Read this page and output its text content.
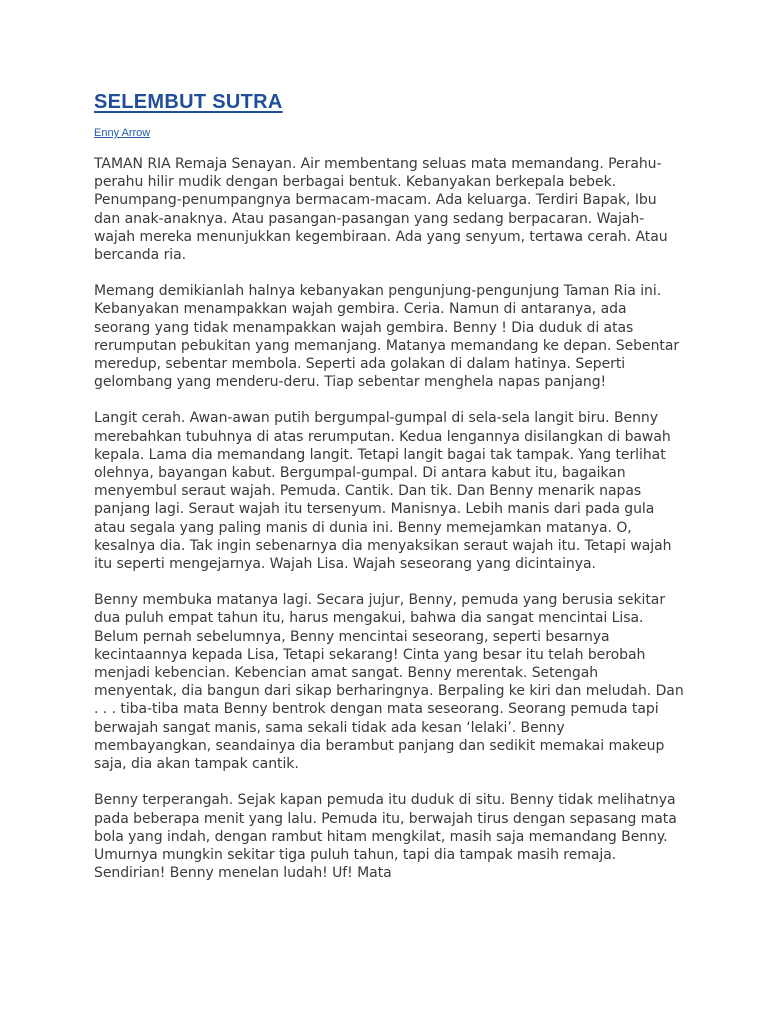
SELEMBUT SUTRA
Enny Arrow

TAMAN RIA Remaja Senayan. Air membentang seluas mata memandang. Perahu-perahu hilir mudik dengan berbagai bentuk. Kebanyakan berkepala bebek. Penumpang-penumpangnya bermacam-macam. Ada keluarga. Terdiri Bapak, Ibu dan anak-anaknya. Atau pasangan-pasangan yang sedang berpacaran. Wajah-wajah mereka menunjukkan kegembiraan. Ada yang senyum, tertawa cerah. Atau bercanda ria.

Memang demikianlah halnya kebanyakan pengunjung-pengunjung Taman Ria ini. Kebanyakan menampakkan wajah gembira. Ceria. Namun di antaranya, ada seorang yang tidak menampakkan wajah gembira. Benny ! Dia duduk di atas rerumputan pebukitan yang memanjang. Matanya memandang ke depan. Sebentar meredup, sebentar membola. Seperti ada golakan di dalam hatinya. Seperti gelombang yang menderu-deru. Tiap sebentar menghela napas panjang!

Langit cerah. Awan-awan putih bergumpal-gumpal di sela-sela langit biru. Benny merebahkan tubuhnya di atas rerumputan. Kedua lengannya disilangkan di bawah kepala. Lama dia memandang langit. Tetapi langit bagai tak tampak. Yang terlihat olehnya, bayangan kabut. Bergumpal-gumpal. Di antara kabut itu, bagaikan menyembul seraut wajah. Pemuda. Cantik. Dan tik. Dan Benny menarik napas panjang lagi. Seraut wajah itu tersenyum. Manisnya. Lebih manis dari pada gula atau segala yang paling manis di dunia ini. Benny memejamkan matanya. O, kesalnya dia. Tak ingin sebenarnya dia menyaksikan seraut wajah itu. Tetapi wajah itu seperti mengejarnya. Wajah Lisa. Wajah seseorang yang dicintainya.

Benny membuka matanya lagi. Secara jujur, Benny, pemuda yang berusia sekitar dua puluh empat tahun itu, harus mengakui, bahwa dia sangat mencintai Lisa. Belum pernah sebelumnya, Benny mencintai seseorang, seperti besarnya kecintaannya kepada Lisa, Tetapi sekarang! Cinta yang besar itu telah berobah menjadi kebencian. Kebencian amat sangat. Benny merentak. Setengah menyentak, dia bangun dari sikap berharingnya. Berpaling ke kiri dan meludah. Dan . . . tiba-tiba mata Benny bentrok dengan mata seseorang. Seorang pemuda tapi berwajah sangat manis, sama sekali tidak ada kesan ‘lelaki’. Benny membayangkan, seandainya dia berambut panjang dan sedikit memakai makeup saja, dia akan tampak cantik.

Benny terperangah. Sejak kapan pemuda itu duduk di situ. Benny tidak melihatnya pada beberapa menit yang lalu. Pemuda itu, berwajah tirus dengan sepasang mata bola yang indah, dengan rambut hitam mengkilat, masih saja memandang Benny. Umurnya mungkin sekitar tiga puluh tahun, tapi dia tampak masih remaja. Sendirian! Benny menelan ludah! Uf! Mata
